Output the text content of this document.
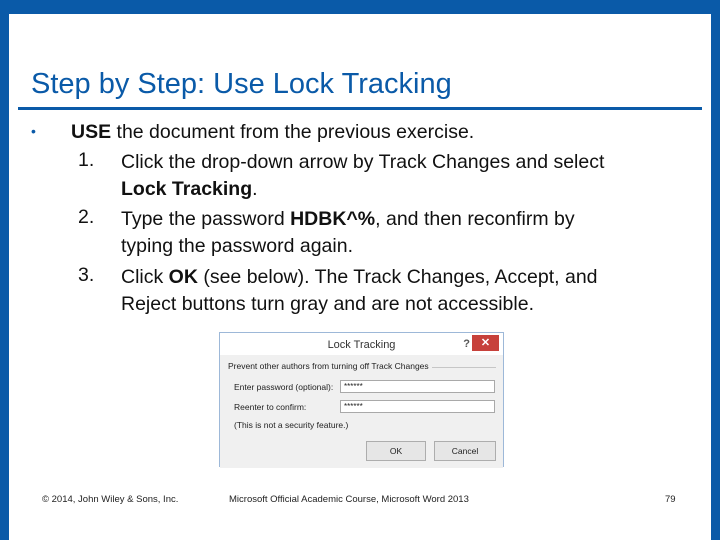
Step by Step: Use Lock Tracking
• USE the document from the previous exercise.
1.	Click the drop-down arrow by Track Changes and select
Lock Tracking.
2.	Type the password HDBK^%, and then reconfirm by
typing the password again.
3.	Click OK (see below). The Track Changes, Accept, and
Reject buttons turn gray and are not accessible.
Lock Tracking	? ✕
Prevent other authors from turning off Track Changes
Enter password (optional):	******
Reenter to confirm:	******
(This is not a security feature.)
OK	Cancel
© 2014, John Wiley & Sons, Inc.	Microsoft Official Academic Course, Microsoft Word 2013	79
